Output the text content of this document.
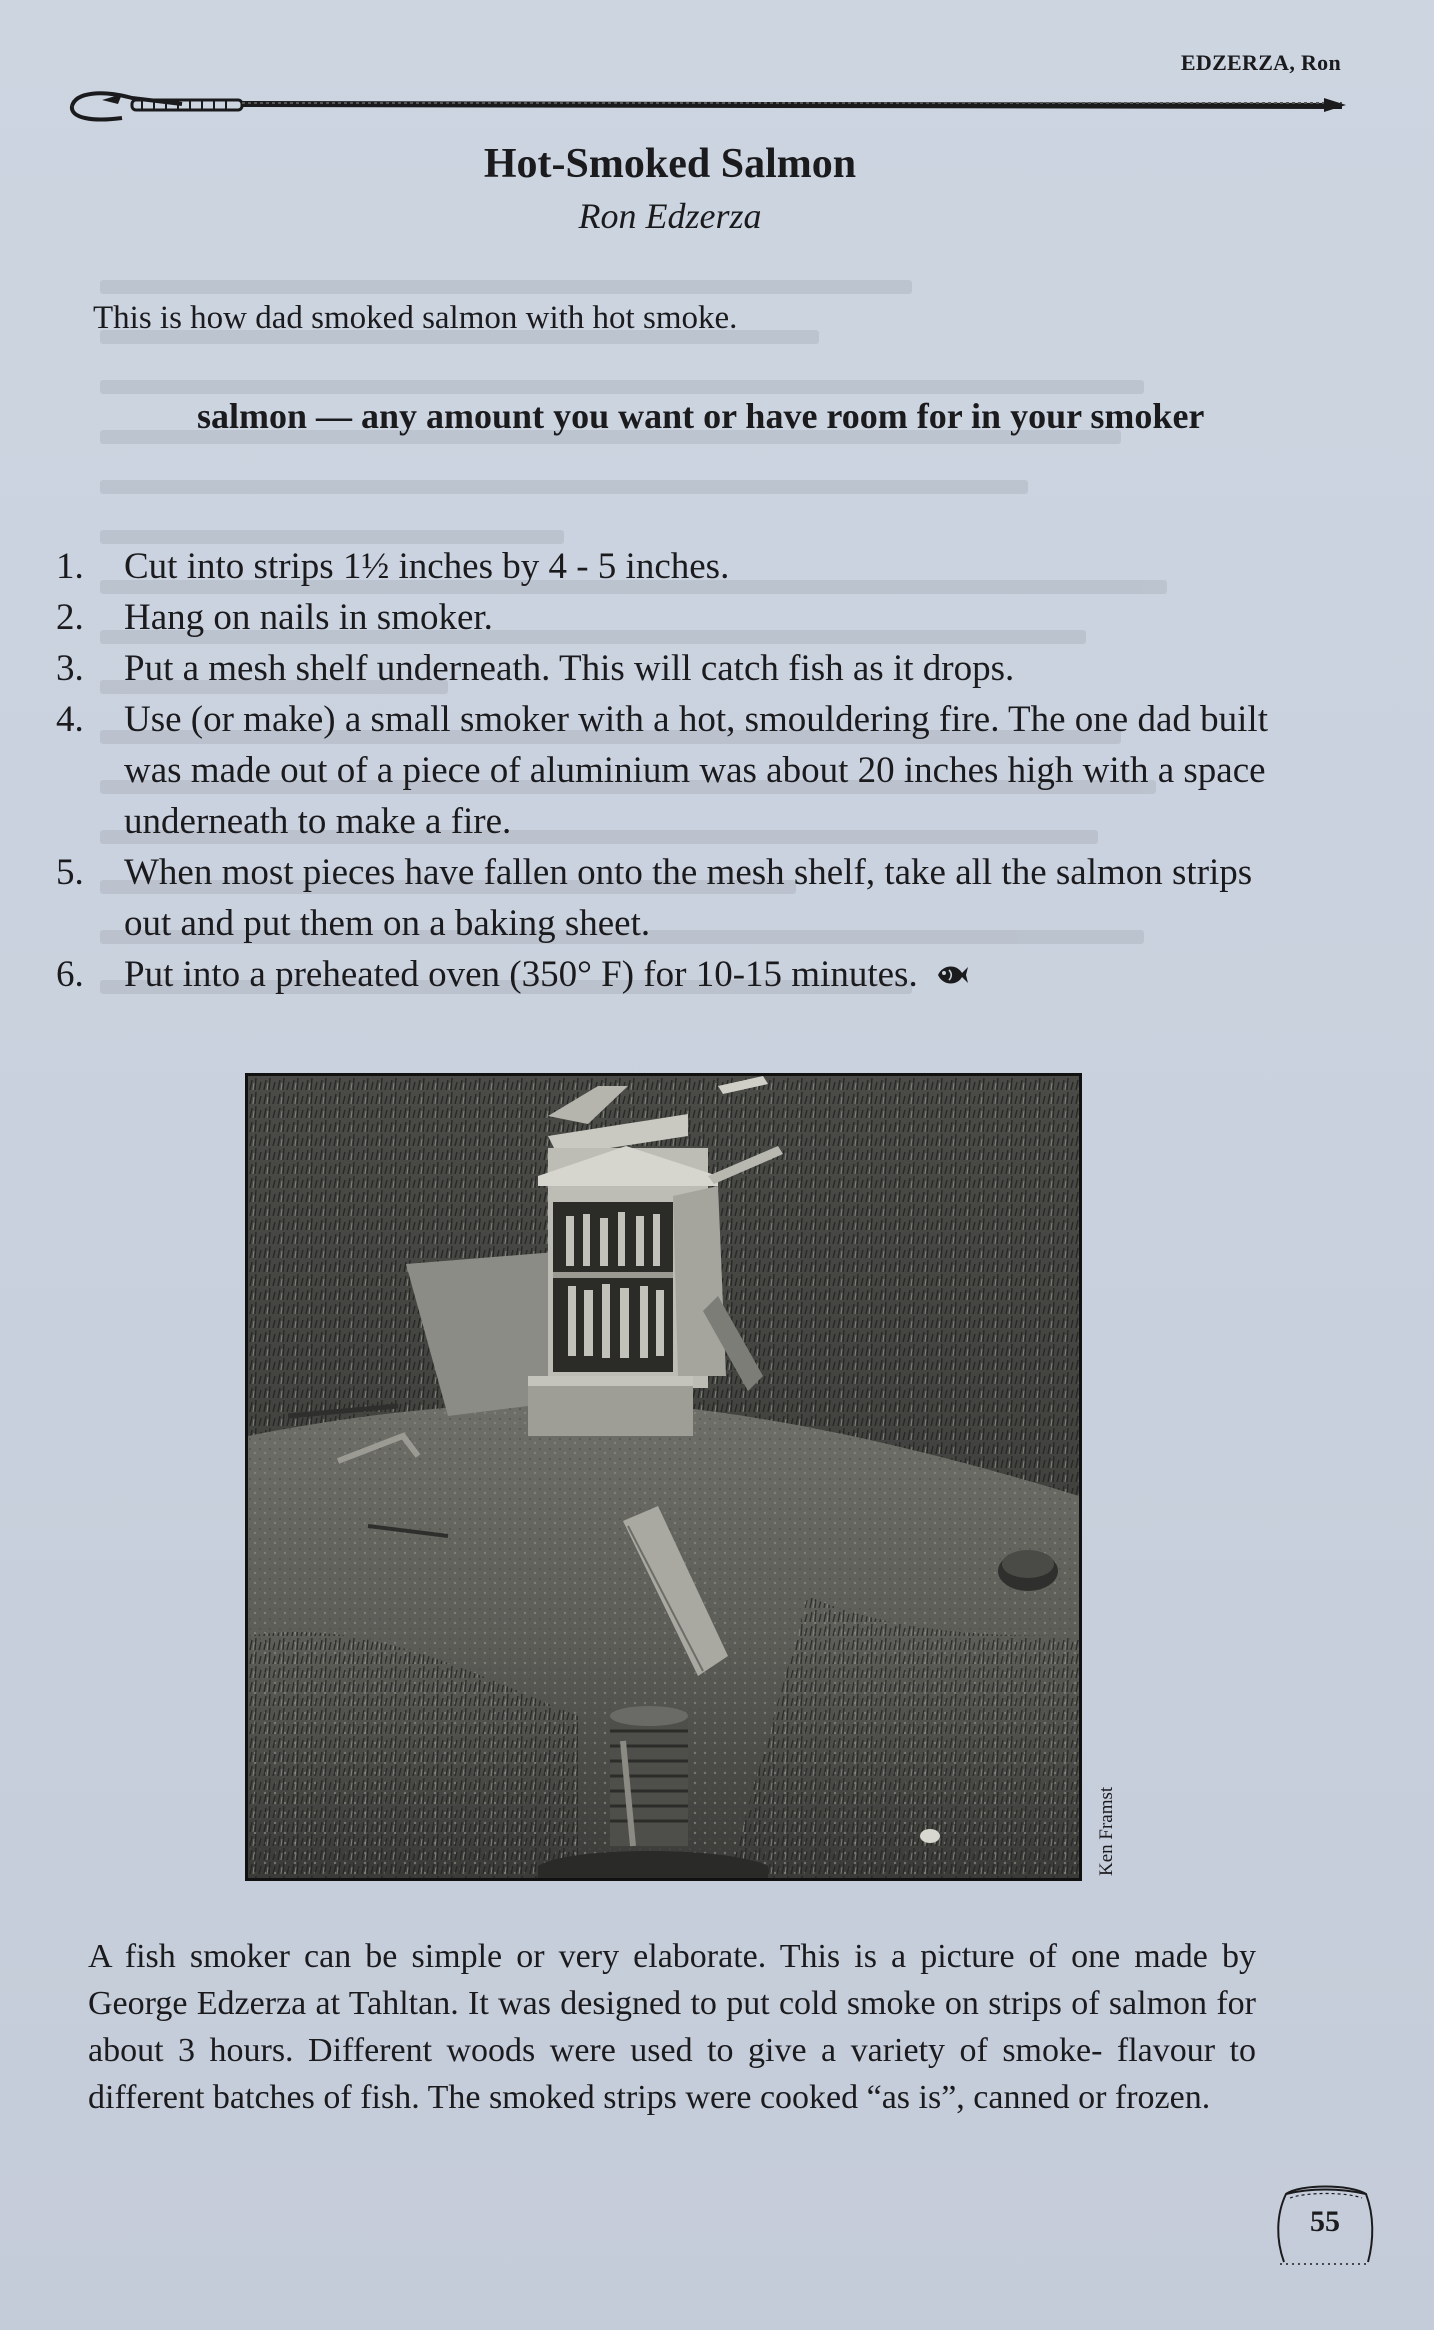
EDZERZA, Ron
Hot-Smoked Salmon
Ron Edzerza
This is how dad smoked salmon with hot smoke.
salmon — any amount you want or have room for in your smoker
1. Cut into strips 1½ inches by 4 - 5 inches.
2. Hang on nails in smoker.
3. Put a mesh shelf underneath. This will catch fish as it drops.
4. Use (or make) a small smoker with a hot, smouldering fire. The one dad built was made out of a piece of aluminium was about 20 inches high with a space underneath to make a fire.
5. When most pieces have fallen onto the mesh shelf, take all the salmon strips out and put them on a baking sheet.
6. Put into a preheated oven (350° F) for 10-15 minutes.
Ken Framst
A fish smoker can be simple or very elaborate. This is a picture of one made by George Edzerza at Tahltan. It was designed to put cold smoke on strips of salmon for about 3 hours. Different woods were used to give a variety of smoke- flavour to different batches of fish. The smoked strips were cooked “as is”, canned or frozen.
55
